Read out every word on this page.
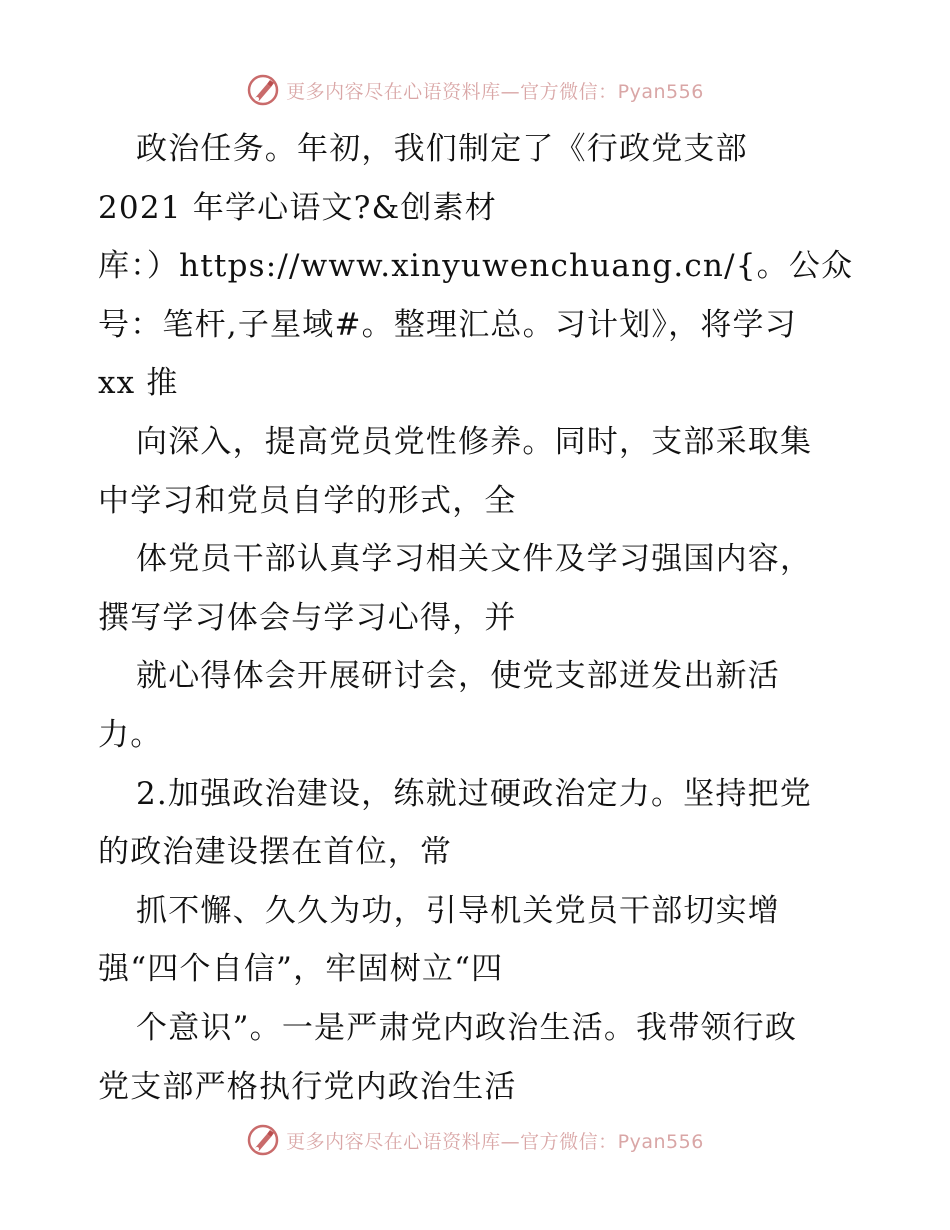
更多内容尽在心语资料库—官方微信：Pyan556
政治任务。年初，我们制定了《行政党支部
2021 年学心语文?&创素材
库：）https://www.xinyuwenchuang.cn/{。公众
号：笔杆,子星域#。整理汇总。习计划》，将学习
xx 推
向深入，提高党员党性修养。同时，支部采取集
中学习和党员自学的形式，全
体党员干部认真学习相关文件及学习强国内容，
撰写学习体会与学习心得，并
就心得体会开展研讨会，使党支部迸发出新活
力。
2.加强政治建设，练就过硬政治定力。坚持把党
的政治建设摆在首位，常
抓不懈、久久为功，引导机关党员干部切实增
强“四个自信”，牢固树立“四
个意识”。一是严肃党内政治生活。我带领行政
党支部严格执行党内政治生活
更多内容尽在心语资料库—官方微信：Pyan556
